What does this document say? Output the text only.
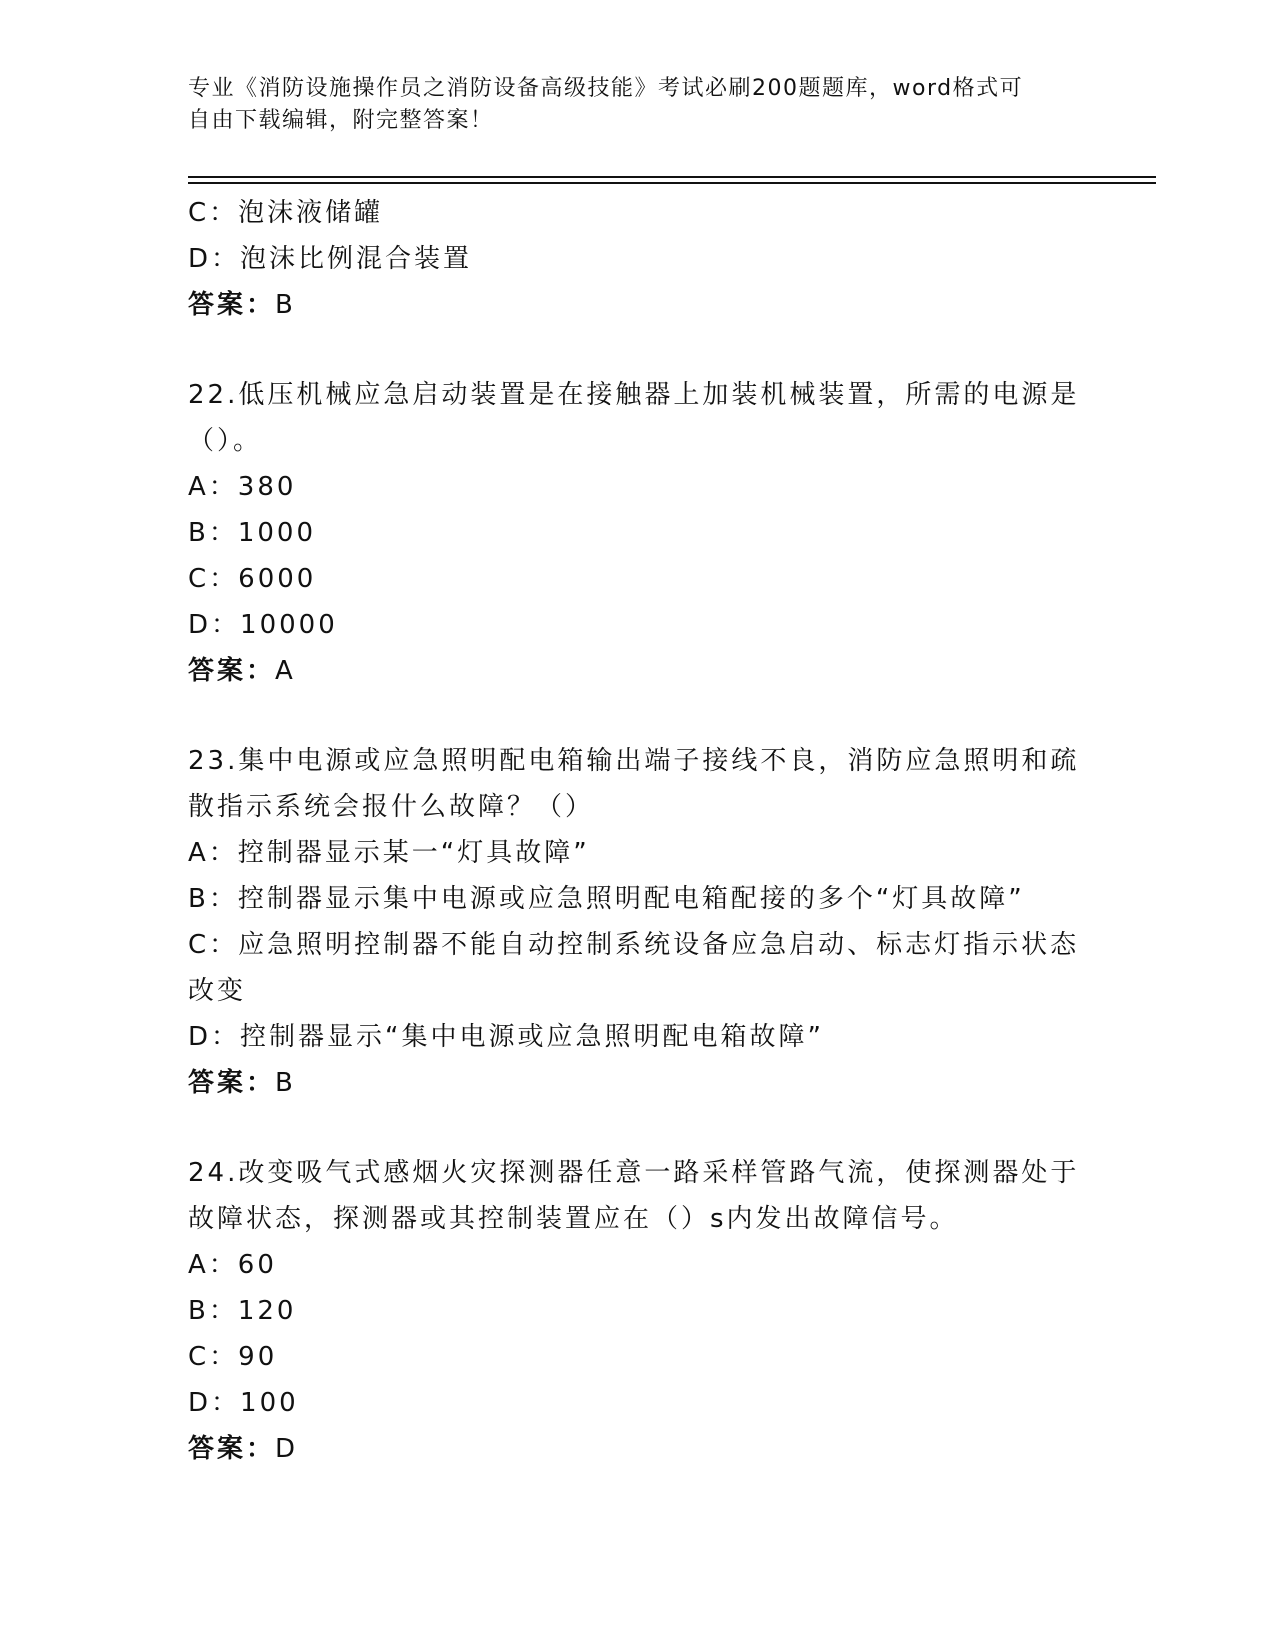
专业《消防设施操作员之消防设备高级技能》考试必刷200题题库，word格式可
自由下载编辑，附完整答案！
C：泡沫液储罐
D：泡沫比例混合装置
答案：B
22.低压机械应急启动装置是在接触器上加装机械装置，所需的电源是
（）。
A：380
B：1000
C：6000
D：10000
答案：A
23.集中电源或应急照明配电箱输出端子接线不良，消防应急照明和疏
散指示系统会报什么故障？（）
A：控制器显示某一“灯具故障”
B：控制器显示集中电源或应急照明配电箱配接的多个“灯具故障”
C：应急照明控制器不能自动控制系统设备应急启动、标志灯指示状态
改变
D：控制器显示“集中电源或应急照明配电箱故障”
答案：B
24.改变吸气式感烟火灾探测器任意一路采样管路气流，使探测器处于
故障状态，探测器或其控制装置应在（）s内发出故障信号。
A：60
B：120
C：90
D：100
答案：D
